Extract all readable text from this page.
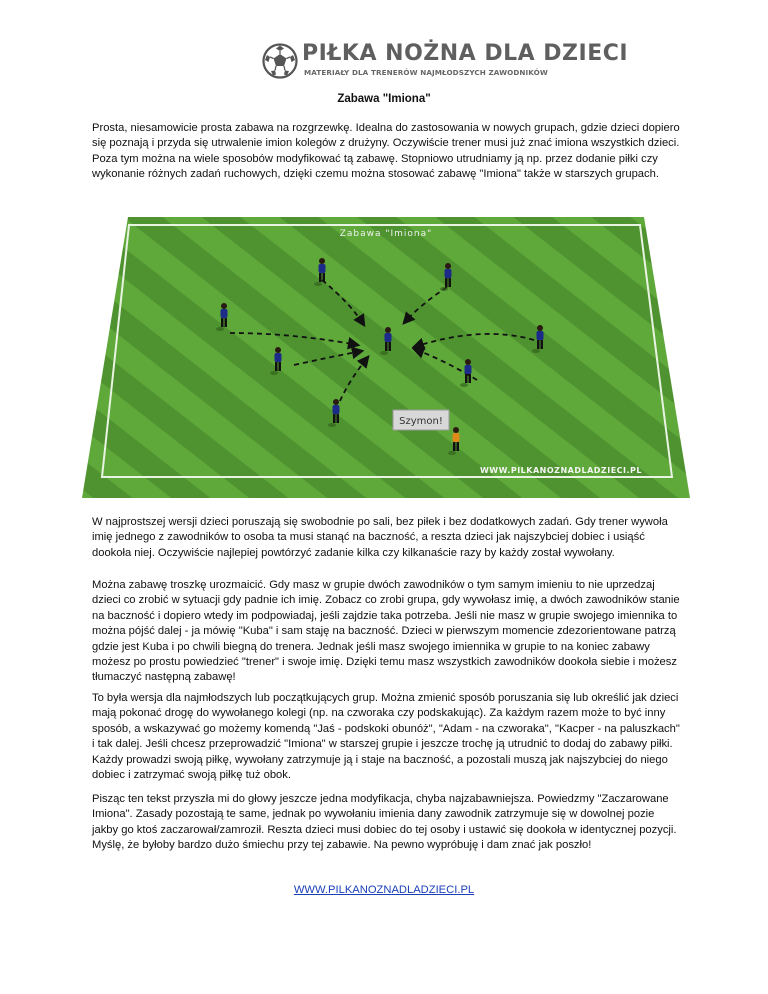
PIŁKA NOŻNA DLA DZIECI
MATERIAŁY DLA TRENERÓW NAJMŁODSZYCH ZAWODNIKÓW
Zabawa "Imiona"

Prosta, niesamowicie prosta zabawa na rozgrzewkę. Idealna do zastosowania w nowych grupach, gdzie dzieci dopiero się poznają i przyda się utrwalenie imion kolegów z drużyny. Oczywiście trener musi już znać imiona wszystkich dzieci. Poza tym można na wiele sposobów modyfikować tą zabawę. Stopniowo utrudniamy ją np. przez dodanie piłki czy wykonanie różnych zadań ruchowych, dzięki czemu można stosować zabawę "Imiona" także w starszych grupach.

Zabawa "Imiona"
WWW.PILKANOZNADLADZIECI.PL
Szymon!

W najprostszej wersji dzieci poruszają się swobodnie po sali, bez piłek i bez dodatkowych zadań. Gdy trener wywoła imię jednego z zawodników to osoba ta musi stanąć na baczność, a reszta dzieci jak najszybciej dobiec i usiąść dookoła niej. Oczywiście najlepiej powtórzyć zadanie kilka czy kilkanaście razy by każdy został wywołany.

Można zabawę troszkę urozmaicić. Gdy masz w grupie dwóch zawodników o tym samym imieniu to nie uprzedzaj dzieci co zrobić w sytuacji gdy padnie ich imię. Zobacz co zrobi grupa, gdy wywołasz imię, a dwóch zawodników stanie na baczność i dopiero wtedy im podpowiadaj, jeśli zajdzie taka potrzeba. Jeśli nie masz w grupie swojego imiennika to można pójść dalej - ja mówię "Kuba" i sam staję na baczność. Dzieci w pierwszym momencie zdezorientowane patrzą gdzie jest Kuba i po chwili biegną do trenera. Jednak jeśli masz swojego imiennika w grupie to na koniec zabawy możesz po prostu powiedzieć "trener" i swoje imię. Dzięki temu masz wszystkich zawodników dookoła siebie i możesz tłumaczyć następną zabawę!

To była wersja dla najmłodszych lub początkujących grup. Można zmienić sposób poruszania się lub określić jak dzieci mają pokonać drogę do wywołanego kolegi (np. na czworaka czy podskakując). Za każdym razem może to być inny sposób, a wskazywać go możemy komendą "Jaś - podskoki obunóż", "Adam - na czworaka", "Kacper - na paluszkach" i tak dalej. Jeśli chcesz przeprowadzić "Imiona" w starszej grupie i jeszcze trochę ją utrudnić to dodaj do zabawy piłki. Każdy prowadzi swoją piłkę, wywołany zatrzymuje ją i staje na baczność, a pozostali muszą jak najszybciej do niego dobiec i zatrzymać swoją piłkę tuż obok.

Pisząc ten tekst przyszła mi do głowy jeszcze jedna modyfikacja, chyba najzabawniejsza. Powiedzmy "Zaczarowane Imiona". Zasady pozostają te same, jednak po wywołaniu imienia dany zawodnik zatrzymuje się w dowolnej pozie jakby go ktoś zaczarował/zamroził. Reszta dzieci musi dobiec do tej osoby i ustawić się dookoła w identycznej pozycji. Myślę, że byłoby bardzo dużo śmiechu przy tej zabawie. Na pewno wypróbuję i dam znać jak poszło!

WWW.PILKANOZNADLADZIECI.PL
